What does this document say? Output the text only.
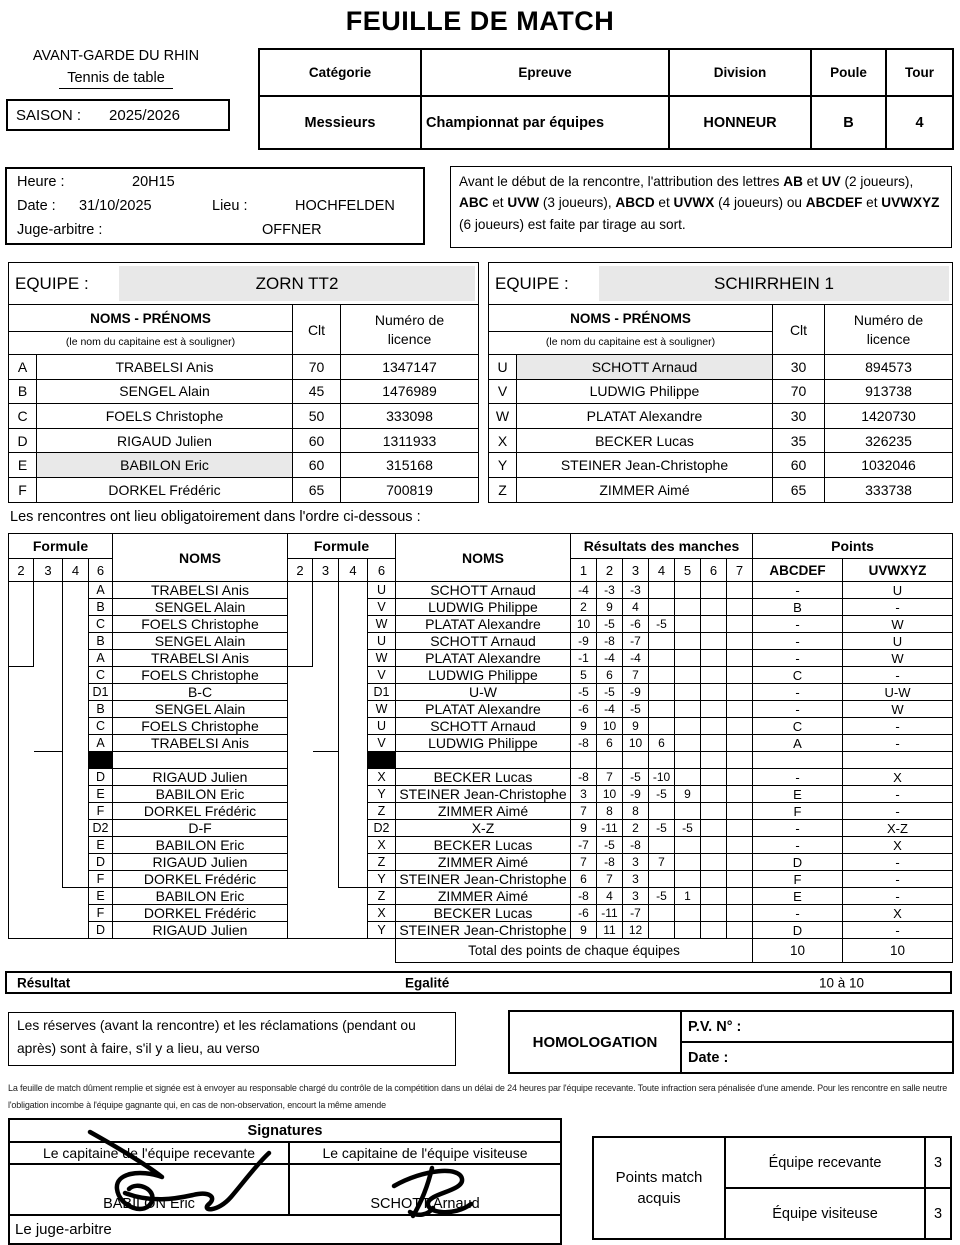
FEUILLE DE MATCH
AVANT-GARDE DU RHIN
Tennis de table
SAISON : 2025/2026
Catégorie	Epreuve	Division	Poule	Tour
Messieurs	Championnat par équipes	HONNEUR	B	4
Heure :	20H15
Date : 31/10/2025	Lieu :	HOCHFELDEN
Juge-arbitre :	OFFNER
Avant le début de la rencontre, l'attribution des lettres AB et UV (2 joueurs), ABC et UVW (3 joueurs), ABCD et UVWX (4 joueurs) ou ABCDEF et UVWXYZ (6 joueurs) est faite par tirage au sort.
EQUIPE : ZORN TT2			

NOMS - PRÉNOMS
(le nom du capitaine est à souligner)		Clt	Numéro de licence
A	TRABELSI Anis	70	1347147
B	SENGEL Alain	45	1476989
C	FOELS Christophe	50	333098
D	RIGAUD Julien	60	1311933
E	BABILON Eric	60	315168
F	DORKEL Frédéric	65	700819
EQUIPE : SCHIRRHEIN 1			

NOMS - PRÉNOMS
(le nom du capitaine est à souligner)		Clt	Numéro de licence
U	SCHOTT Arnaud	30	894573
V	LUDWIG Philippe	70	913738
W	PLATAT Alexandre	30	1420730
X	BECKER Lucas	35	326235
Y	STEINER Jean-Christophe	60	1032046
Z	ZIMMER Aimé	65	333738
Les rencontres ont lieu obligatoirement dans l'ordre ci-dessous :
Formule				NOMS	Formule				NOMS	Résultats des manches							Points	
2	3	4	6		2	3	4	6		1	2	3	4	5	6	7	ABCDEF	UVWXYZ
			A	TRABELSI Anis				U	SCHOTT Arnaud	-4	-3	-3					-	U
			B	SENGEL Alain				V	LUDWIG Philippe	2	9	4					B	-
			C	FOELS Christophe				W	PLATAT Alexandre	10	-5	-6	-5				-	W
			B	SENGEL Alain				U	SCHOTT Arnaud	-9	-8	-7					-	U
			A	TRABELSI Anis				W	PLATAT Alexandre	-1	-4	-4					-	W
			C	FOELS Christophe				V	LUDWIG Philippe	5	6	7					C	-
			D1	B-C				D1	U-W	-5	-5	-9					-	U-W
			B	SENGEL Alain				W	PLATAT Alexandre	-6	-4	-5					-	W
			C	FOELS Christophe				U	SCHOTT Arnaud	9	10	9					C	-
			A	TRABELSI Anis				V	LUDWIG Philippe	-8	6	10	6				A	-

			D	RIGAUD Julien				X	BECKER Lucas	-8	7	-5	-10				-	X
			E	BABILON Eric				Y	STEINER Jean-Christophe	3	10	-9	-5	9			E	-
			F	DORKEL Frédéric				Z	ZIMMER Aimé	7	8	8					F	-
			D2	D-F				D2	X-Z	9	-11	2	-5	-5			-	X-Z
			E	BABILON Eric				X	BECKER Lucas	-7	-5	-8					-	X
			D	RIGAUD Julien				Z	ZIMMER Aimé	7	-8	3	7				D	-
			F	DORKEL Frédéric				Y	STEINER Jean-Christophe	6	7	3					F	-
			E	BABILON Eric				Z	ZIMMER Aimé	-8	4	3	-5	1			E	-
			F	DORKEL Frédéric				X	BECKER Lucas	-6	-11	-7					-	X
			D	RIGAUD Julien				Y	STEINER Jean-Christophe	9	11	12					D	-
									Total des points de chaque équipes								10	10
Résultat	Egalité	10 à 10
Les réserves (avant la rencontre) et les réclamations (pendant ou après) sont à faire, s'il y a lieu, au verso	HOMOLOGATION	P.V. N° :
Date :
La feuille de match dûment remplie et signée est à envoyer au responsable chargé du contrôle de la compétition dans un délai de 24 heures par l'équipe recevante. Toute infraction sera pénalisée d'une amende. Pour les rencontre en salle neutre l'obligation incombe à l'équipe gagnante qui, en cas de non-observation, encourt la même amende
Signatures	
Le capitaine de l'équipe recevante	Le capitaine de l'équipe visiteuse
BABILON Eric	SCHOTT Arnaud
Le juge-arbitre	
Points match acquis	Équipe recevante	3
	Équipe visiteuse	3
